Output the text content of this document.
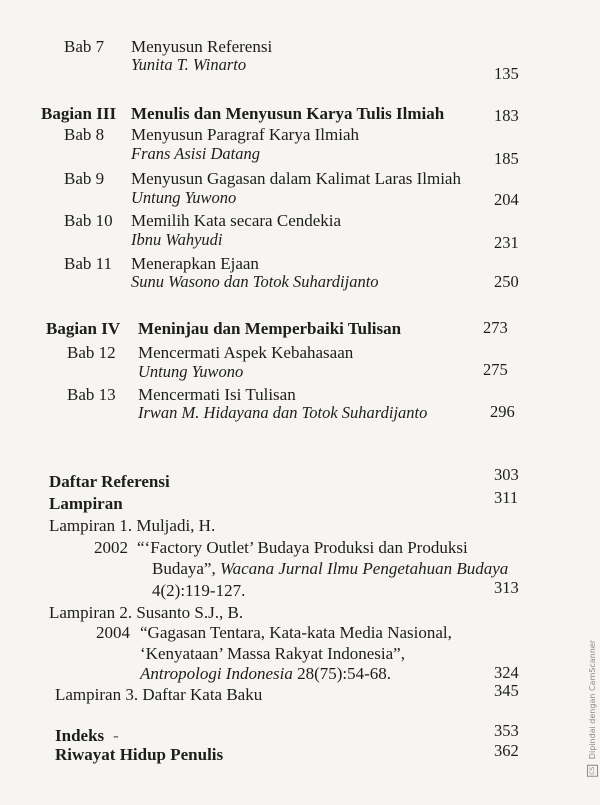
Bab 7 Menyusun Referensi
Yunita T. Winarto	135
Bagian III Menulis dan Menyusun Karya Tulis Ilmiah	183
Bab 8 Menyusun Paragraf Karya Ilmiah
Frans Asisi Datang	185
Bab 9 Menyusun Gagasan dalam Kalimat Laras Ilmiah
Untung Yuwono	204
Bab 10 Memilih Kata secara Cendekia
Ibnu Wahyudi	231
Bab 11 Menerapkan Ejaan
Sunu Wasono dan Totok Suhardijanto	250
Bagian IV Meninjau dan Memperbaiki Tulisan	273
Bab 12 Mencermati Aspek Kebahasaan
Untung Yuwono	275
Bab 13 Mencermati Isi Tulisan
Irwan M. Hidayana dan Totok Suhardijanto	296
Daftar Referensi	303
Lampiran	311
Lampiran 1. Muljadi, H.
2002 “‘Factory Outlet’ Budaya Produksi dan Produksi
Budaya”, Wacana Jurnal Ilmu Pengetahuan Budaya
4(2):119-127.	313
Lampiran 2. Susanto S.J., B.
2004 “Gagasan Tentara, Kata-kata Media Nasional,
‘Kenyataan’ Massa Rakyat Indonesia”,
Antropologi Indonesia 28(75):54-68.	324
Lampiran 3. Daftar Kata Baku	345
Indeks -	353
Riwayat Hidup Penulis	362
CS Dipindai dengan CamScanner
